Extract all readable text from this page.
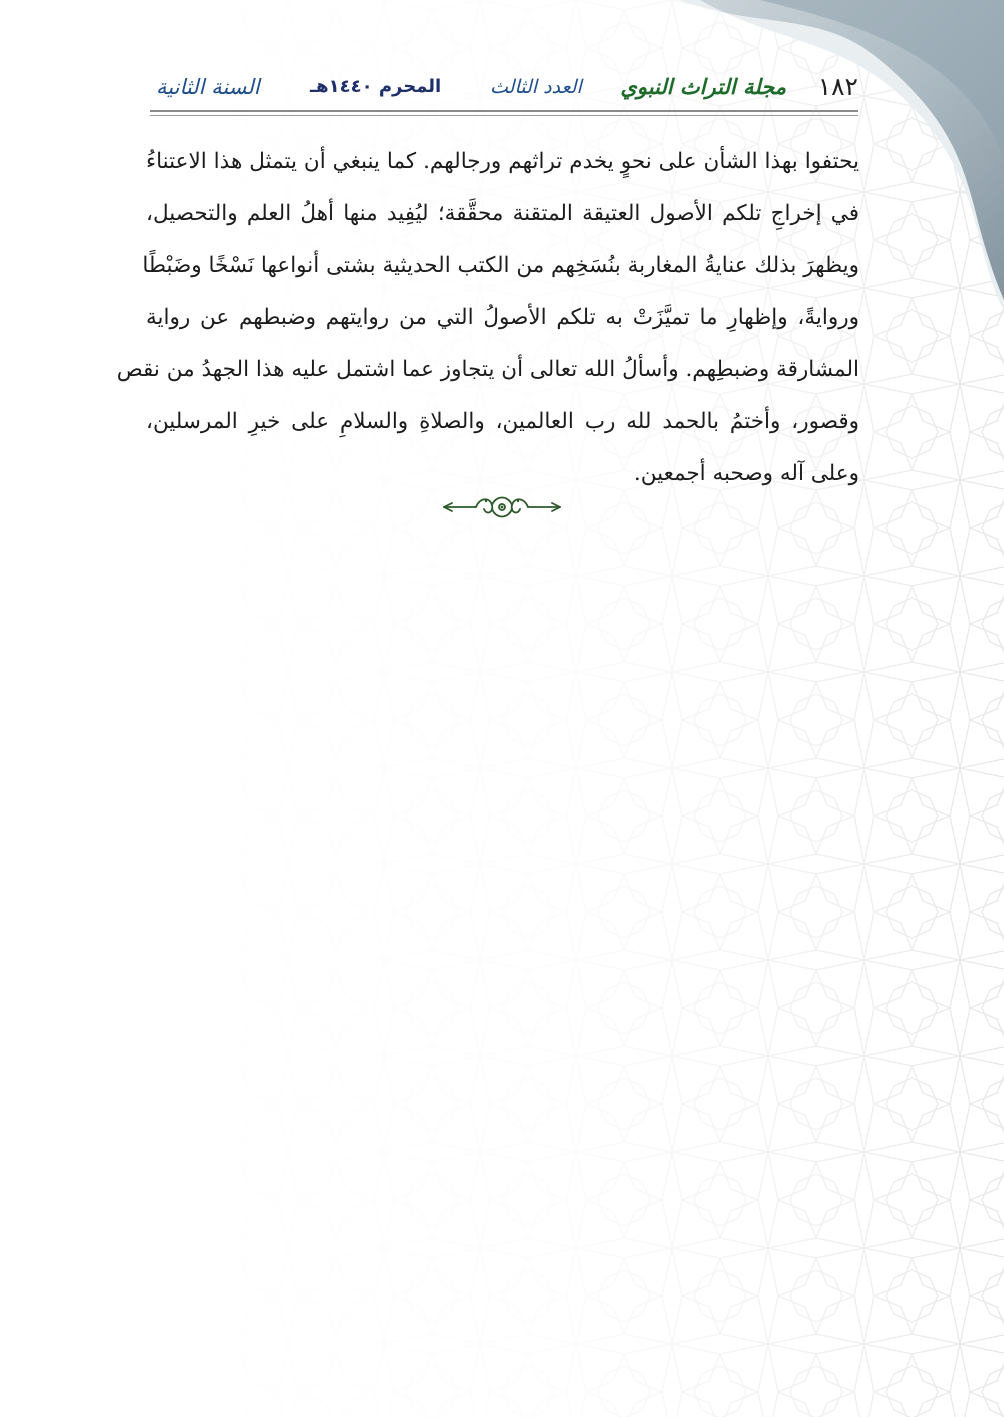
١٨٢
مجلة التراث النبوي
العدد الثالث
المحرم ١٤٤٠هـ
السنة الثانية
يحتفوا بهذا الشأن على نحوٍ يخدم تراثهم ورجالهم. كما ينبغي أن يتمثل هذا الاعتناءُ
في إخراجِ تلكم الأصول العتيقة المتقنة محقَّقة؛ ليُفِيد منها أهلُ العلم والتحصيل،
ويظهرَ بذلك عنايةُ المغاربة بنُسَخِهم من الكتب الحديثية بشتى أنواعها نَسْخًا وضَبْطًا
وروايةً، وإظهارِ ما تميَّزَتْ به تلكم الأصولُ التي من روايتهم وضبطهم عن رواية
المشارقة وضبطِهم. وأسألُ الله تعالى أن يتجاوز عما اشتمل عليه هذا الجهدُ من نقص
وقصور، وأختمُ بالحمد لله رب العالمين، والصلاةِ والسلامِ على خيرِ المرسلين،
وعلى آله وصحبه أجمعين.
